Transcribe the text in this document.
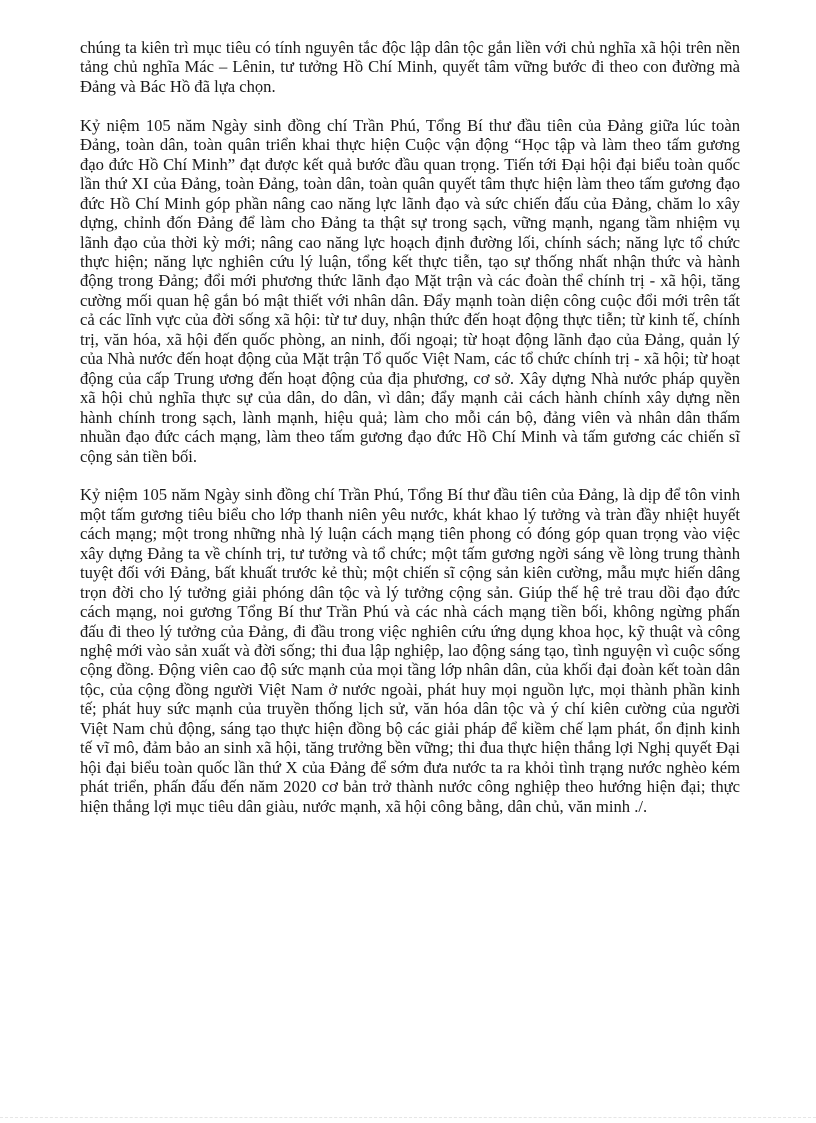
chúng ta kiên trì mục tiêu có tính nguyên tắc độc lập dân tộc gắn liền với chủ nghĩa xã hội trên nền tảng chủ nghĩa Mác – Lênin, tư tưởng Hồ Chí Minh, quyết tâm vững bước đi theo con đường mà Đảng và Bác Hồ đã lựa chọn.

Kỷ niệm 105 năm Ngày sinh đồng chí Trần Phú, Tổng Bí thư đầu tiên của Đảng giữa lúc toàn Đảng, toàn dân, toàn quân triển khai thực hiện Cuộc vận động “Học tập và làm theo tấm gương đạo đức Hồ Chí Minh” đạt được kết quả bước đầu quan trọng. Tiến tới Đại hội đại biểu toàn quốc lần thứ XI của Đảng, toàn Đảng, toàn dân, toàn quân quyết tâm thực hiện làm theo tấm gương đạo đức Hồ Chí Minh góp phần nâng cao năng lực lãnh đạo và sức chiến đấu của Đảng, chăm lo xây dựng, chỉnh đốn Đảng để làm cho Đảng ta thật sự trong sạch, vững mạnh, ngang tầm nhiệm vụ lãnh đạo của thời kỳ mới; nâng cao năng lực hoạch định đường lối, chính sách; năng lực tổ chức thực hiện; năng lực nghiên cứu lý luận, tổng kết thực tiễn, tạo sự thống nhất nhận thức và hành động trong Đảng; đổi mới phương thức lãnh đạo Mặt trận và các đoàn thể chính trị - xã hội, tăng cường mối quan hệ gắn bó mật thiết với nhân dân. Đẩy mạnh toàn diện công cuộc đổi mới trên tất cả các lĩnh vực của đời sống xã hội: từ tư duy, nhận thức đến hoạt động thực tiễn; từ kinh tế, chính trị, văn hóa, xã hội đến quốc phòng, an ninh, đối ngoại; từ hoạt động lãnh đạo của Đảng, quản lý của Nhà nước đến hoạt động của Mặt trận Tổ quốc Việt Nam, các tổ chức chính trị - xã hội; từ hoạt động của cấp Trung ương đến hoạt động của địa phương, cơ sở. Xây dựng Nhà nước pháp quyền xã hội chủ nghĩa thực sự của dân, do dân, vì dân; đẩy mạnh cải cách hành chính xây dựng nền hành chính trong sạch, lành mạnh, hiệu quả; làm cho mỗi cán bộ, đảng viên và nhân dân thấm nhuần đạo đức cách mạng, làm theo tấm gương đạo đức Hồ Chí Minh và tấm gương các chiến sĩ cộng sản tiền bối.

Kỷ niệm 105 năm Ngày sinh đồng chí Trần Phú, Tổng Bí thư đầu tiên của Đảng, là dịp để tôn vinh một tấm gương tiêu biểu cho lớp thanh niên yêu nước, khát khao lý tưởng và tràn đầy nhiệt huyết cách mạng; một trong những nhà lý luận cách mạng tiên phong có đóng góp quan trọng vào việc xây dựng Đảng ta về chính trị, tư tưởng và tổ chức; một tấm gương ngời sáng về lòng trung thành tuyệt đối với Đảng, bất khuất trước kẻ thù; một chiến sĩ cộng sản kiên cường, mẫu mực hiến dâng trọn đời cho lý tưởng giải phóng dân tộc và lý tưởng cộng sản. Giúp thế hệ trẻ trau dồi đạo đức cách mạng, noi gương Tổng Bí thư Trần Phú và các nhà cách mạng tiền bối, không ngừng phấn đấu đi theo lý tưởng của Đảng, đi đầu trong việc nghiên cứu ứng dụng khoa học, kỹ thuật và công nghệ mới vào sản xuất và đời sống; thi đua lập nghiệp, lao động sáng tạo, tình nguyện vì cuộc sống cộng đồng. Động viên cao độ sức mạnh của mọi tầng lớp nhân dân, của khối đại đoàn kết toàn dân tộc, của cộng đồng người Việt Nam ở nước ngoài, phát huy mọi nguồn lực, mọi thành phần kinh tế; phát huy sức mạnh của truyền thống lịch sử, văn hóa dân tộc và ý chí kiên cường của người Việt Nam chủ động, sáng tạo thực hiện đồng bộ các giải pháp để kiềm chế lạm phát, ổn định kinh tế vĩ mô, đảm bảo an sinh xã hội, tăng trưởng bền vững; thi đua thực hiện thắng lợi Nghị quyết Đại hội đại biểu toàn quốc lần thứ X của Đảng để sớm đưa nước ta ra khỏi tình trạng nước nghèo kém phát triển, phấn đấu đến năm 2020 cơ bản trở thành nước công nghiệp theo hướng hiện đại; thực hiện thắng lợi mục tiêu dân giàu, nước mạnh, xã hội công bằng, dân chủ, văn minh ./.
